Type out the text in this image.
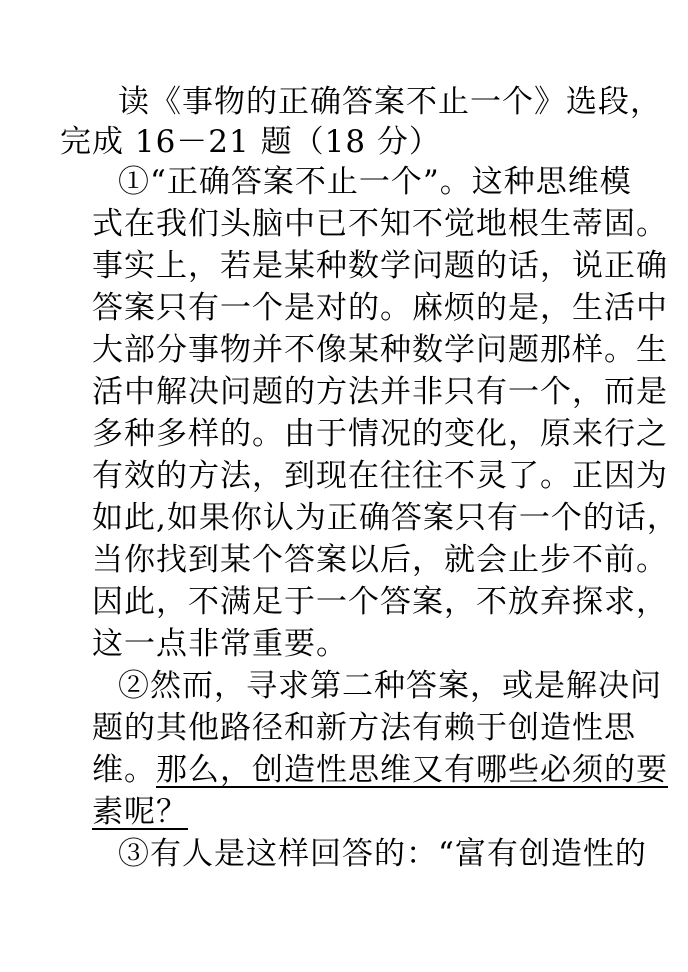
读《事物的正确答案不止一个》选段，
完成 16－21 题（18 分）
①“正确答案不止一个”。这种思维模
式在我们头脑中已不知不觉地根生蒂固。
事实上，若是某种数学问题的话，说正确
答案只有一个是对的。麻烦的是，生活中
大部分事物并不像某种数学问题那样。生
活中解决问题的方法并非只有一个，而是
多种多样的。由于情况的变化，原来行之
有效的方法，到现在往往不灵了。正因为
如此,如果你认为正确答案只有一个的话，
当你找到某个答案以后，就会止步不前。
因此，不满足于一个答案，不放弃探求，
这一点非常重要。
②然而，寻求第二种答案，或是解决问
题的其他路径和新方法有赖于创造性思
维。那么，创造性思维又有哪些必须的要
素呢？
③有人是这样回答的：“富有创造性的
